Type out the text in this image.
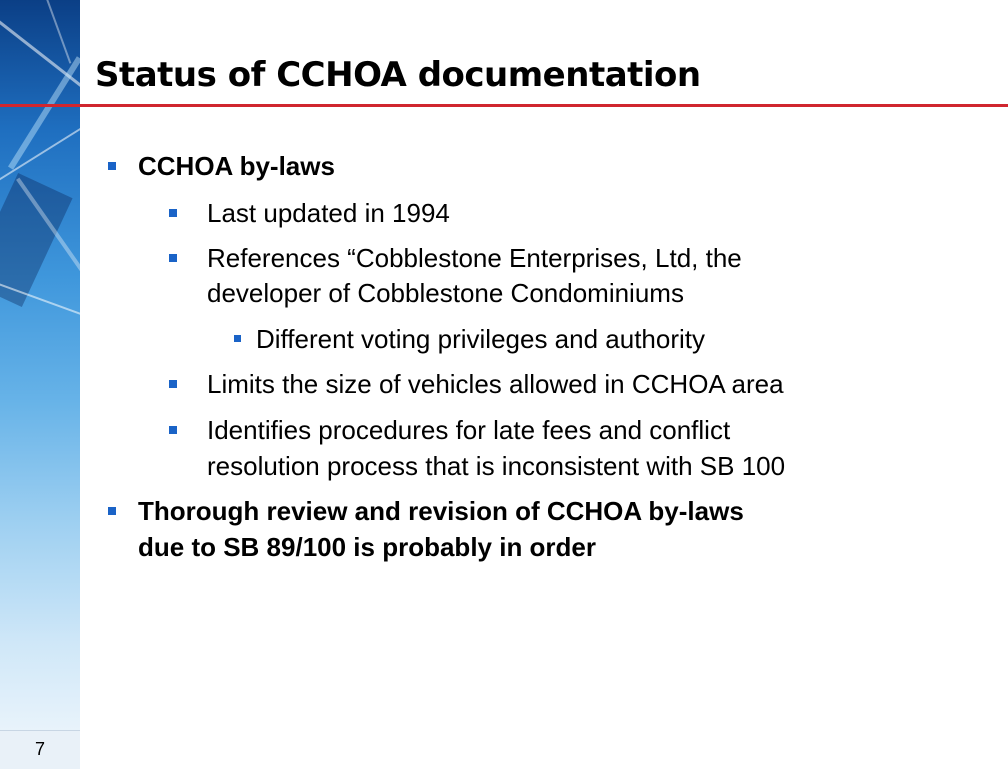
7
Status of CCHOA documentation
CCHOA by-laws
Last updated in 1994
References “Cobblestone Enterprises, Ltd, the
developer of Cobblestone Condominiums
Different voting privileges and authority
Limits the size of vehicles allowed in CCHOA area
Identifies procedures for late fees and conflict
resolution process that is inconsistent with SB 100
Thorough review and revision of CCHOA by-laws
due to SB 89/100 is probably in order
